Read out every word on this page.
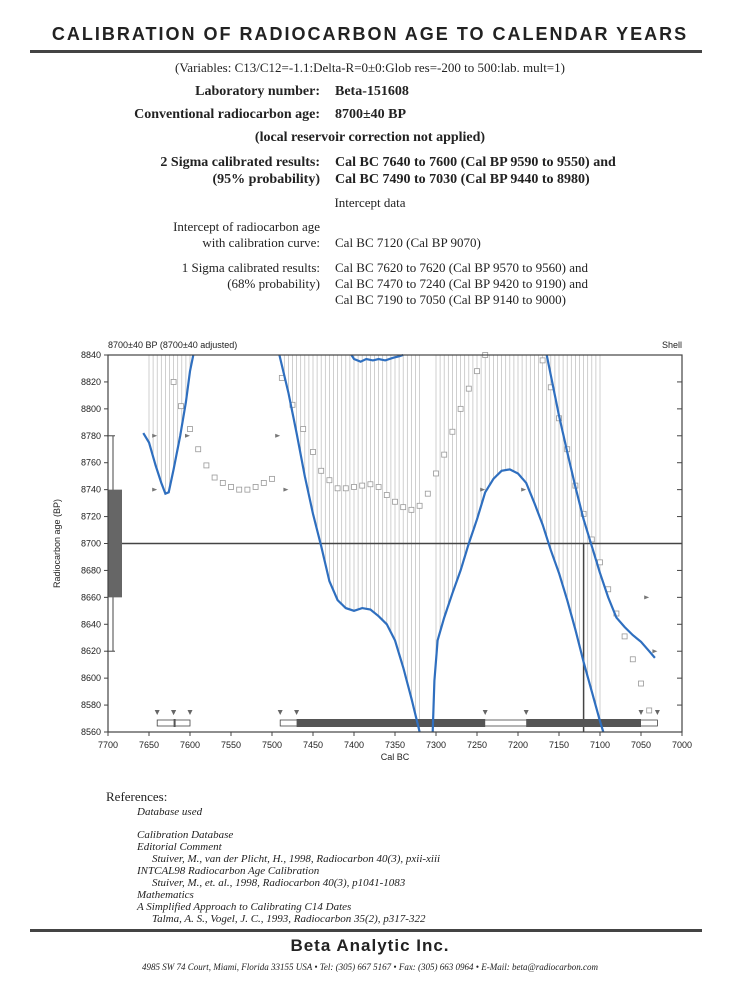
CALIBRATION OF RADIOCARBON AGE TO CALENDAR YEARS
(Variables: C13/C12=-1.1:Delta-R=0±0:Glob res=-200 to 500:lab. mult=1)
Laboratory number: Beta-151608
Conventional radiocarbon age: 8700±40 BP
(local reservoir correction not applied)
2 Sigma calibrated results:
(95% probability)
Cal BC 7640 to 7600 (Cal BP 9590 to 9550) and
Cal BC 7490 to 7030 (Cal BP 9440 to 8980)
Intercept data
Intercept of radiocarbon age
with calibration curve: Cal BC 7120 (Cal BP 9070)
1 Sigma calibrated results:
(68% probability)
Cal BC 7620 to 7620 (Cal BP 9570 to 9560) and
Cal BC 7470 to 7240 (Cal BP 9420 to 9190) and
Cal BC 7190 to 7050 (Cal BP 9140 to 9000)
7700 7650 7600 7550 7500 7450 7400 7350 7300 7250 7200 7150 7100 7050 7000
8560
8580
8600
8620
8640
8660
8680
8700
8720
8740
8760
8780
8800
8820
8840
8700±40 BP (8700±40 adjusted)	Shell
Cal BC
Radiocarbon age (BP)
References:
Database used
Calibration Database
Editorial Comment
Stuiver, M., van der Plicht, H., 1998, Radiocarbon 40(3), pxii-xiii
INTCAL98 Radiocarbon Age Calibration
Stuiver, M., et. al., 1998, Radiocarbon 40(3), p1041-1083
Mathematics
A Simplified Approach to Calibrating C14 Dates
Talma, A. S., Vogel, J. C., 1993, Radiocarbon 35(2), p317-322
Beta Analytic Inc.
4985 SW 74 Court, Miami, Florida 33155 USA • Tel: (305) 667 5167 • Fax: (305) 663 0964 • E-Mail: beta@radiocarbon.com
